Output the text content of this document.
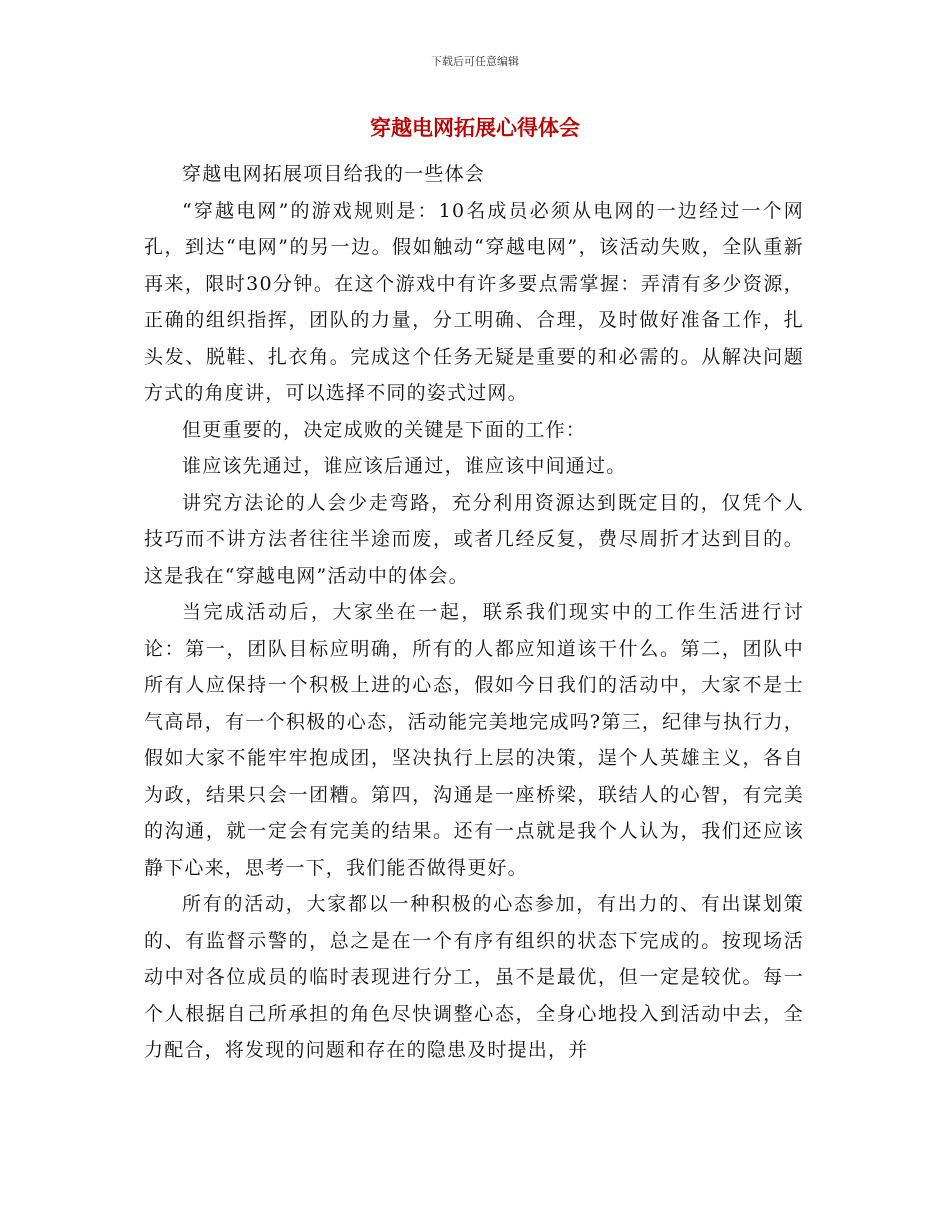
下载后可任意编辑
穿越电网拓展心得体会

穿越电网拓展项目给我的一些体会

“穿越电网”的游戏规则是：10名成员必须从电网的一边经过一个网孔，到达“电网”的另一边。假如触动“穿越电网”，该活动失败，全队重新再来，限时30分钟。在这个游戏中有许多要点需掌握：弄清有多少资源，正确的组织指挥，团队的力量，分工明确、合理，及时做好准备工作，扎头发、脱鞋、扎衣角。完成这个任务无疑是重要的和必需的。从解决问题方式的角度讲，可以选择不同的姿式过网。

但更重要的，决定成败的关键是下面的工作：

谁应该先通过，谁应该后通过，谁应该中间通过。

讲究方法论的人会少走弯路，充分利用资源达到既定目的，仅凭个人技巧而不讲方法者往往半途而废，或者几经反复，费尽周折才达到目的。这是我在“穿越电网”活动中的体会。

当完成活动后，大家坐在一起，联系我们现实中的工作生活进行讨论：第一，团队目标应明确，所有的人都应知道该干什么。第二，团队中所有人应保持一个积极上进的心态，假如今日我们的活动中，大家不是士气高昂，有一个积极的心态，活动能完美地完成吗?第三，纪律与执行力，假如大家不能牢牢抱成团，坚决执行上层的决策，逞个人英雄主义，各自为政，结果只会一团糟。第四，沟通是一座桥梁，联结人的心智，有完美的沟通，就一定会有完美的结果。还有一点就是我个人认为，我们还应该静下心来，思考一下，我们能否做得更好。

所有的活动，大家都以一种积极的心态参加，有出力的、有出谋划策的、有监督示警的，总之是在一个有序有组织的状态下完成的。按现场活动中对各位成员的临时表现进行分工，虽不是最优，但一定是较优。每一个人根据自己所承担的角色尽快调整心态，全身心地投入到活动中去，全力配合，将发现的问题和存在的隐患及时提出，并
